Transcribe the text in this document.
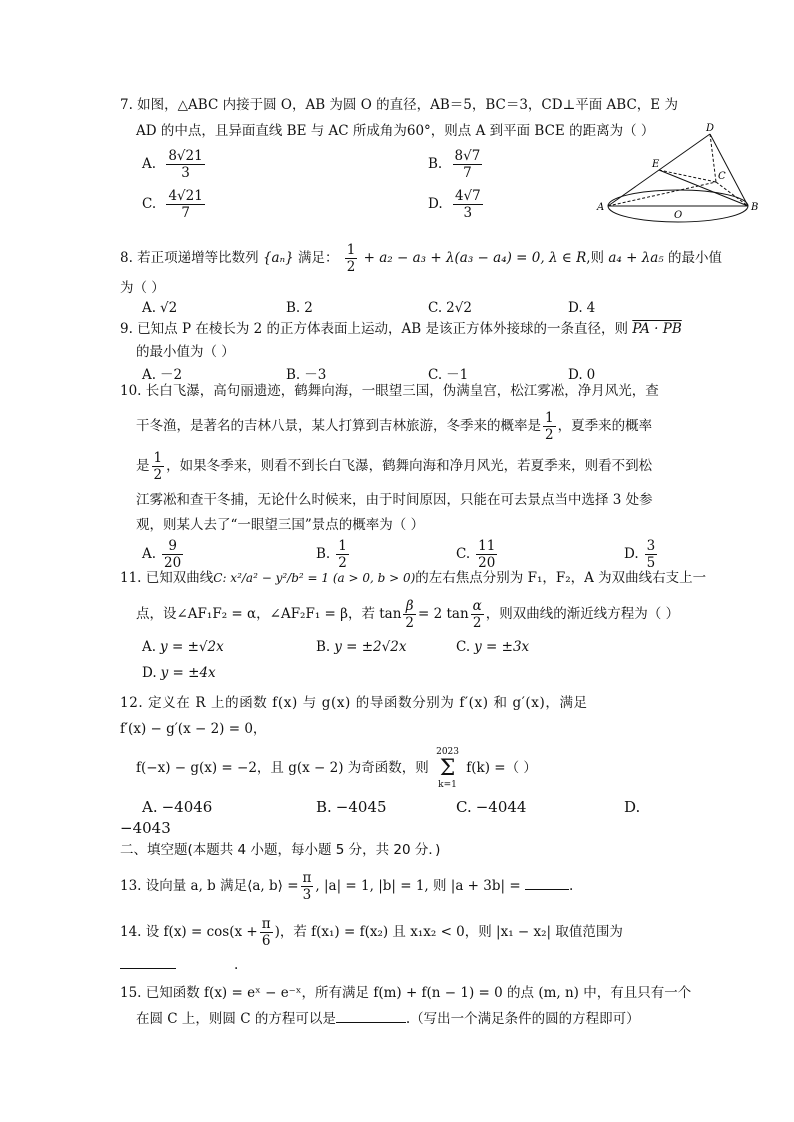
D
E
C
A
O
B
7. 如图，△ABC 内接于圆 O，AB 为圆 O 的直径，AB＝5，BC＝3，CD⊥平面 ABC，E 为
AD 的中点，且异面直线 BE 与 AC 所成角为60°，则点 A 到平面 BCE 的距离为（ ）
A. $\frac{8√21}{3}$	B. $\frac{8√7}{7}$
C. $\frac{4√21}{7}$	D. $\frac{4√7}{3}$
8. 若正项递增等比数列 {aₙ} 满足： $\frac{1}{2} + a_2 - a_3 + \lambda(a_3 - a_4) = 0$, λ ∈ R,则 a₄ + λa₅ 的最小值
为（ ）
A. √2	B. 2	C. 2√2	D. 4
9. 已知点 P 在棱长为 2 的正方体表面上运动，AB 是该正方体外接球的一条直径，则 PA · PB
的最小值为（ ）
A. －2	B. －3	C. －1	D. 0
10. 长白飞瀑，高句丽遗迹，鹤舞向海，一眼望三国，伪满皇宫，松江雾凇，净月风光，查
干冬渔，是著名的吉林八景，某人打算到吉林旅游，冬季来的概率是 $\frac{1}{2}$ ，夏季来的概率
是 $\frac{1}{2}$ ，如果冬季来，则看不到长白飞瀑，鹤舞向海和净月风光，若夏季来，则看不到松
江雾凇和查干冬捕，无论什么时候来，由于时间原因，只能在可去景点当中选择 3 处参
观，则某人去了“一眼望三国”景点的概率为（ ）
A. $\frac{9}{20}$	B. $\frac{1}{2}$	C. $\frac{11}{20}$	D. $\frac{3}{5}$
11. 已知双曲线C: x²/a² − y²/b² = 1 (a > 0, b > 0)的左右焦点分别为 F₁，F₂，A 为双曲线右支上一
点，设∠AF₁F₂ = α，∠AF₂F₁ = β，若 $\tan \frac{\beta}{2} = 2$ $\tan \frac{\alpha}{2}$ ，则双曲线的渐近线方程为（ ）
A. y = ±√2x	B. y = ±2√2x	C. y = ±3x
D. y = ±4x
12. 定义在 R 上的函数 f(x) 与 g(x) 的导函数分别为 f′(x) 和 g′(x)，满足
f′(x) − g′(x − 2) = 0，
f(−x) − g(x) = −2，且 g(x − 2) 为奇函数，则 2023
Σ
k=1 f(k) =（ ）
A. −4046	B. −4045	C. −4044	D.
−4043
二、填空题(本题共 4 小题，每小题 5 分，共 20 分．)
13. 设向量 a, b 满足⟨a, b⟩ = $\frac{\pi}{3}$ , |a| = 1, |b| = 1, 则 |a + 3b| =	.
14. 设 $f(x) = \cos(x + \frac{\pi}{6}$ )，若 f(x₁) = f(x₂) 且 x₁x₂ < 0，则 |x₁ − x₂| 取值范围为
.
15. 已知函数 f(x) = eˣ − e⁻ˣ，所有满足 f(m) + f(n − 1) = 0 的点 (m, n) 中，有且只有一个
在圆 C 上，则圆 C 的方程可以是	.（写出一个满足条件的圆的方程即可）
